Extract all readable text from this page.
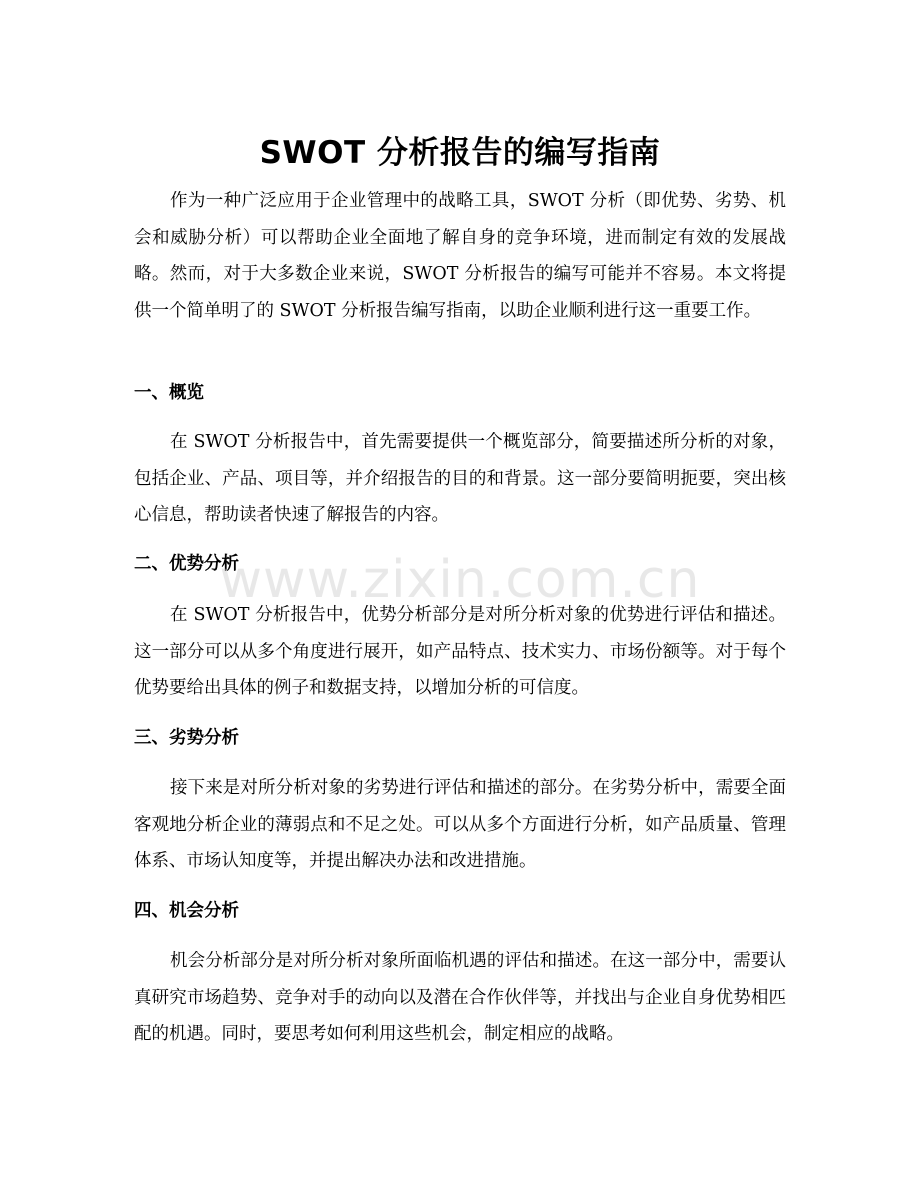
SWOT 分析报告的编写指南

作为一种广泛应用于企业管理中的战略工具，SWOT 分析（即优势、劣势、机会和威胁分析）可以帮助企业全面地了解自身的竞争环境，进而制定有效的发展战略。然而，对于大多数企业来说，SWOT 分析报告的编写可能并不容易。本文将提供一个简单明了的 SWOT 分析报告编写指南，以助企业顺利进行这一重要工作。

一、概览

在 SWOT 分析报告中，首先需要提供一个概览部分，简要描述所分析的对象，包括企业、产品、项目等，并介绍报告的目的和背景。这一部分要简明扼要，突出核心信息，帮助读者快速了解报告的内容。

二、优势分析

在 SWOT 分析报告中，优势分析部分是对所分析对象的优势进行评估和描述。这一部分可以从多个角度进行展开，如产品特点、技术实力、市场份额等。对于每个优势要给出具体的例子和数据支持，以增加分析的可信度。

三、劣势分析

接下来是对所分析对象的劣势进行评估和描述的部分。在劣势分析中，需要全面客观地分析企业的薄弱点和不足之处。可以从多个方面进行分析，如产品质量、管理体系、市场认知度等，并提出解决办法和改进措施。

四、机会分析

机会分析部分是对所分析对象所面临机遇的评估和描述。在这一部分中，需要认真研究市场趋势、竞争对手的动向以及潜在合作伙伴等，并找出与企业自身优势相匹配的机遇。同时，要思考如何利用这些机会，制定相应的战略。

www.zixin.com.cn
